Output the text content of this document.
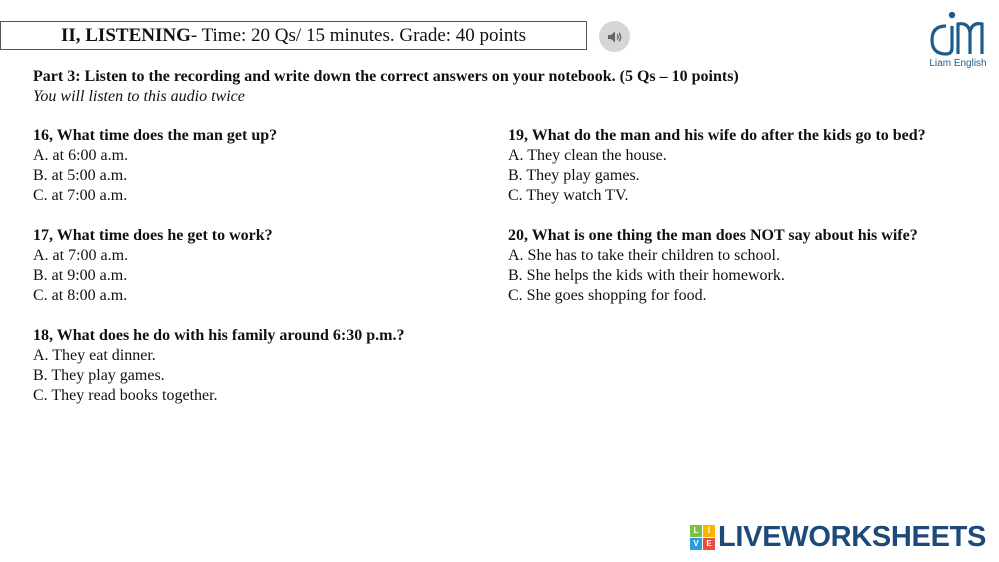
II, LISTENING- Time: 20 Qs/ 15 minutes. Grade: 40 points
Liam English
Part 3: Listen to the recording and write down the correct answers on your notebook. (5 Qs – 10 points)
You will listen to this audio twice
16, What time does the man get up?
A. at 6:00 a.m.
B. at 5:00 a.m.
C. at 7:00 a.m.
17, What time does he get to work?
A. at 7:00 a.m.
B. at 9:00 a.m.
C. at 8:00 a.m.
18, What does he do with his family around 6:30 p.m.?
A. They eat dinner.
B. They play games.
C. They read books together.
19, What do the man and his wife do after the kids go to bed?
A. They clean the house.
B. They play games.
C. They watch TV.
20, What is one thing the man does NOT say about his wife?
A. She has to take their children to school.
B. She helps the kids with their homework.
C. She goes shopping for food.
L	I
V E LIVEWORKSHEETS
